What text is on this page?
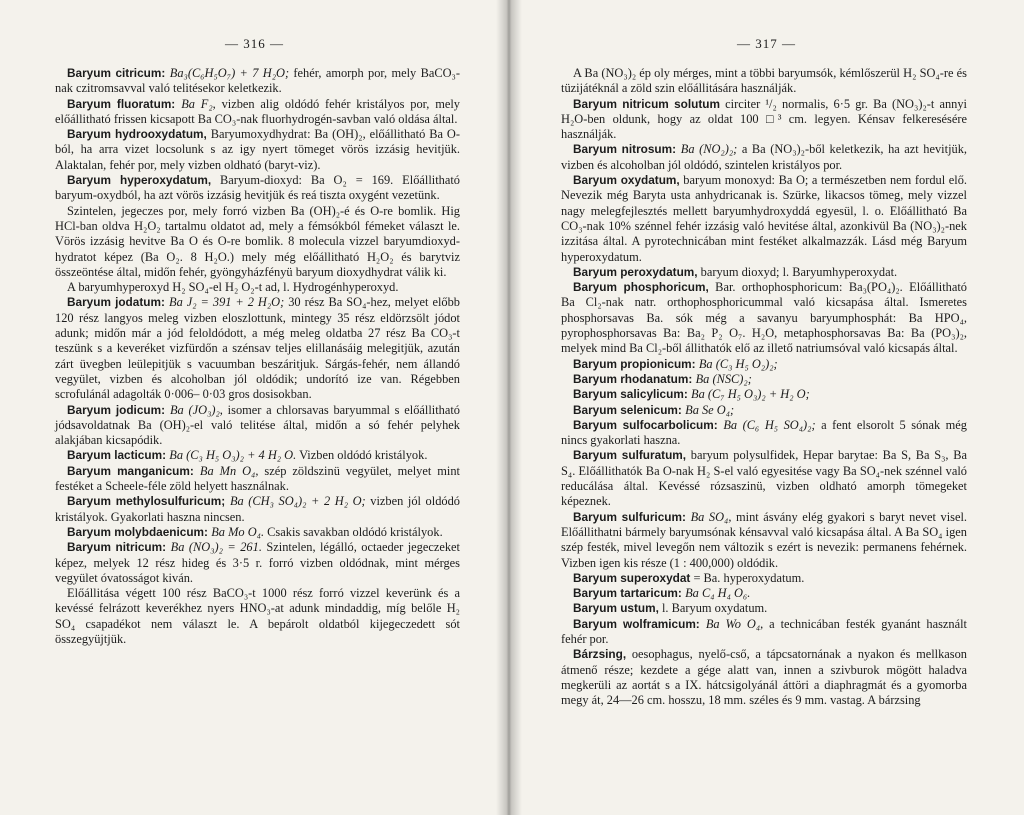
— 316 —

Baryum citricum: Ba₃(C₆H₅O₇) + 7 H₂O; fehér, amorph por, mely BaCO₃-nak czitromsavval való telitésekor keletkezik.

Baryum fluoratum: Ba F₂, vizben alig oldódó fehér kristályos por, mely előállitható frissen kicsapott Ba CO₃-nak fluorhydrogén-savban való oldása által.

Baryum hydrooxydatum, Baryumoxydhydrat: Ba (OH)₂, előállitható Ba O-ból, ha arra vizet locsolunk s az igy nyert tömeget vörös izzásig hevitjük. Alaktalan, fehér por, mely vizben oldható (baryt-viz).

Baryum hyperoxydatum, Baryum-dioxyd: Ba O₂ = 169. Előállitható baryum-oxydból, ha azt vörös izzásig hevitjük és reá tiszta oxygént vezetünk.

Szintelen, jegeczes por, mely forró vizben Ba (OH)₂-é és O-re bomlik. Hig HCl-ban oldva H₂O₂ tartalmu oldatot ad, mely a fémsókból fémeket választ le. Vörös izzásig hevitve Ba O és O-re bomlik. 8 molecula vizzel baryumdioxyd-hydratot képez (Ba O₂. 8 H₂O.) mely még előállitható H₂O₂ és barytviz összeöntése által, midőn fehér, gyöngyházfényü baryum dioxydhydrat válik ki.

A baryumhyperoxyd H₂ SO₄-el H₂ O₂-t ad, l. Hydrogénhyperoxyd.

Baryum jodatum: Ba J₂ = 391 + 2 H₂O; 30 rész Ba SO₄-hez, melyet előbb 120 rész langyos meleg vizben eloszlottunk, mintegy 35 rész eldörzsölt jódot adunk; midőn már a jód feloldódott, a még meleg oldatba 27 rész Ba CO₃-t teszünk s a keveréket vizfürdőn a szénsav teljes elillanásáig melegitjük, azután zárt üvegben leülepitjük s vacuumban beszáritjuk. Sárgás-fehér, nem állandó vegyület, vizben és alcoholban jól oldódik; undorító ize van. Régebben scrofulánál adagolták 0·006– 0·03 gros dosisokban.

Baryum jodicum: Ba (JO₃)₂, isomer a chlorsavas baryummal s előállitható jódsavoldatnak Ba (OH)₂-el való telitése által, midőn a só fehér pelyhek alakjában kicsapódik.

Baryum lacticum: Ba (C₃ H₅ O₃)₂ + 4 H₂ O. Vizben oldódó kristályok.

Baryum manganicum: Ba Mn O₄, szép zöldszinü vegyület, melyet mint festéket a Scheele-féle zöld helyett használnak.

Baryum methylosulfuricum; Ba (CH₃ SO₄)₂ + 2 H₂ O; vizben jól oldódó kristályok. Gyakorlati haszna nincsen.

Baryum molybdaenicum: Ba Mo O₄. Csakis savakban oldódó kristályok.

Baryum nitricum: Ba (NO₃)₂ = 261. Szintelen, légálló, octaeder jegeczeket képez, melyek 12 rész hideg és 3·5 r. forró vizben oldódnak, mint mérges vegyület óvatosságot kiván.

Előállitása végett 100 rész BaCO₃-t 1000 rész forró vizzel keverünk és a kevéssé felrázott keverékhez nyers HNO₃-at adunk mindaddig, míg belőle H₂ SO₄ csapadékot nem választ le. A bepárolt oldatból kijegeczedett sót összegyüjtjük.

— 317 —

A Ba (NO₃)₂ ép oly mérges, mint a többi baryumsók, kémlőszerül H₂ SO₄-re és tüzijátéknál a zöld szin előállitására használják.

Baryum nitricum solutum circiter ¹/₂ normalis, 6·5 gr. Ba (NO₃)₂-t annyi H₂O-ben oldunk, hogy az oldat 100 □³ cm. legyen. Kénsav felkeresésére használják.

Baryum nitrosum: Ba (NO₂)₂; a Ba (NO₃)₂-ből keletkezik, ha azt hevitjük, vizben és alcoholban jól oldódó, szintelen kristályos por.

Baryum oxydatum, baryum monoxyd: Ba O; a természetben nem fordul elő. Nevezik még Baryta usta anhydricanak is. Szürke, likacsos tömeg, mely vizzel nagy melegfejlesztés mellett baryumhydroxyddá egyesül, l. o. Előállitható Ba CO₃-nak 10% szénnel fehér izzásig való hevitése által, azonkivül Ba (NO₃)₂-nek izzitása által. A pyrotechnicában mint festéket alkalmazzák. Lásd még Baryum hyperoxydatum.

Baryum peroxydatum, baryum dioxyd; l. Baryumhyperoxydat.

Baryum phosphoricum, Bar. orthophosphoricum: Ba₃(PO₄)₂. Előállitható Ba Cl₂-nak natr. orthophosphoricummal való kicsapása által. Ismeretes phosphorsavas Ba. sók még a savanyu baryumphosphát: Ba HPO₄, pyrophosphorsavas Ba: Ba₂ P₂ O₇. H₂O, metaphosphorsavas Ba: Ba (PO₃)₂, melyek mind Ba Cl₂-ből állithatók elő az illető natriumsóval való kicsapás által.

Baryum propionicum: Ba (C₃ H₅ O₂)₂;

Baryum rhodanatum: Ba (NSC)₂;

Baryum salicylicum: Ba (C₇ H₅ O₃)₂ + H₂ O;

Baryum selenicum: Ba Se O₄;

Baryum sulfocarbolicum: Ba (C₆ H₅ SO₄)₂; a fent elsorolt 5 sónak még nincs gyakorlati haszna.

Baryum sulfuratum, baryum polysulfidek, Hepar barytae: Ba S, Ba S₃, Ba S₄. Előállithatók Ba O-nak H₂ S-el való egyesitése vagy Ba SO₄-nek szénnel való reducálása által. Kevéssé rózsaszinü, vizben oldható amorph tömegeket képeznek.

Baryum sulfuricum: Ba SO₄, mint ásvány elég gyakori s baryt nevet visel. Előállithatni bármely baryumsónak kénsavval való kicsapása által. A Ba SO₄ igen szép festék, mivel levegőn nem változik s ezért is nevezik: permanens fehérnek. Vizben igen kis része (1 : 400,000) oldódik.

Baryum superoxydat = Ba. hyperoxydatum.

Baryum tartaricum: Ba C₄ H₄ O₆.

Baryum ustum, l. Baryum oxydatum.

Baryum wolframicum: Ba Wo O₄, a technicában festék gyanánt használt fehér por.

Bárzsing, oesophagus, nyelő-cső, a tápcsatornának a nyakon és mellkason átmenő része; kezdete a gége alatt van, innen a szivburok mögött haladva megkerüli az aortát s a IX. hátcsigolyánál áttöri a diaphragmát és a gyomorba megy át, 24—26 cm. hosszu, 18 mm. széles és 9 mm. vastag. A bárzsing
